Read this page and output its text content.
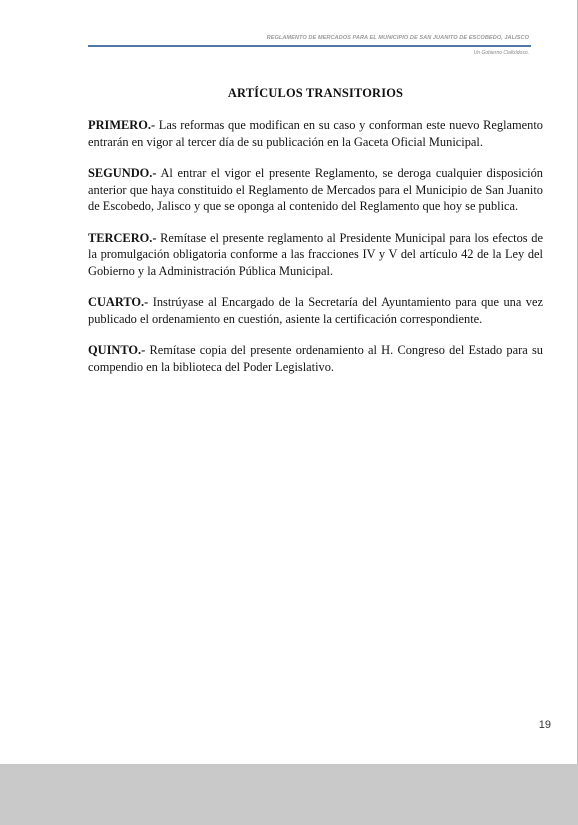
REGLAMENTO DE MERCADOS PARA EL MUNICIPIO DE SAN JUANITO DE ESCOBEDO, JALISCO
Un Gobierno Clallxldoso.
ARTÍCULOS TRANSITORIOS

PRIMERO.- Las reformas que modifican en su caso y conforman este nuevo Reglamento entrarán en vigor al tercer día de su publicación en la Gaceta Oficial Municipal.

SEGUNDO.- Al entrar el vigor el presente Reglamento, se deroga cualquier disposición anterior que haya constituido el Reglamento de Mercados para el Municipio de San Juanito de Escobedo, Jalisco y que se oponga al contenido del Reglamento que hoy se publica.

TERCERO.- Remítase el presente reglamento al Presidente Municipal para los efectos de la promulgación obligatoria conforme a las fracciones IV y V del artículo 42 de la Ley del Gobierno y la Administración Pública Municipal.

CUARTO.- Instrúyase al Encargado de la Secretaría del Ayuntamiento para que una vez publicado el ordenamiento en cuestión, asiente la certificación correspondiente.

QUINTO.- Remítase copia del presente ordenamiento al H. Congreso del Estado para su compendio en la biblioteca del Poder Legislativo.

19
